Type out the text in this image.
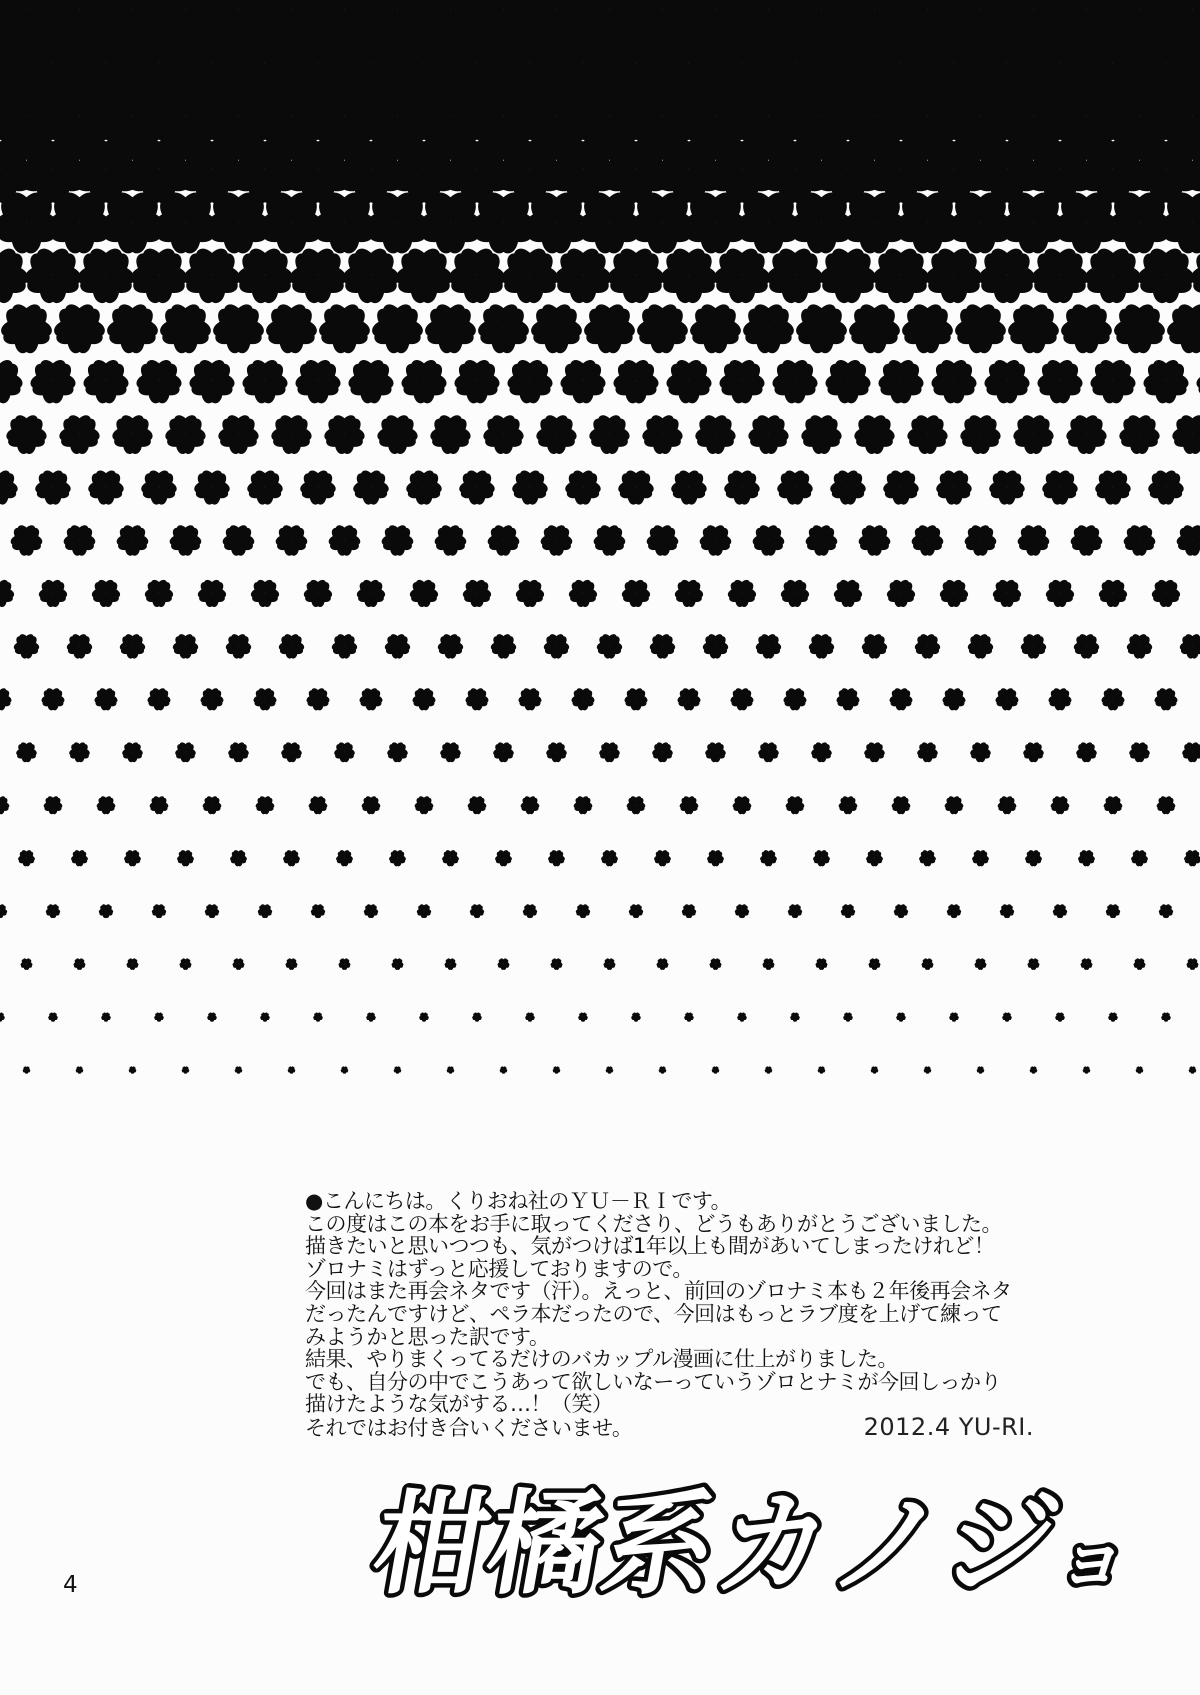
●こんにちは。くりおね社のＹＵ－ＲＩです。
この度はこの本をお手に取ってくださり、どうもありがとうございました。
描きたいと思いつつも、気がつけば1年以上も間があいてしまったけれど！
ゾロナミはずっと応援しておりますので。
今回はまた再会ネタです（汗）。えっと、前回のゾロナミ本も２年後再会ネタ
だったんですけど、ペラ本だったので、今回はもっとラブ度を上げて練って
みようかと思った訳です。
結果、やりまくってるだけのバカップル漫画に仕上がりました。
でも、自分の中でこうあって欲しいなーっていうゾロとナミが今回しっかり
描けたような気がする…！（笑）
それではお付き合いくださいませ。	2012.4 YU-RI.
柑橘系カノジョ
4
